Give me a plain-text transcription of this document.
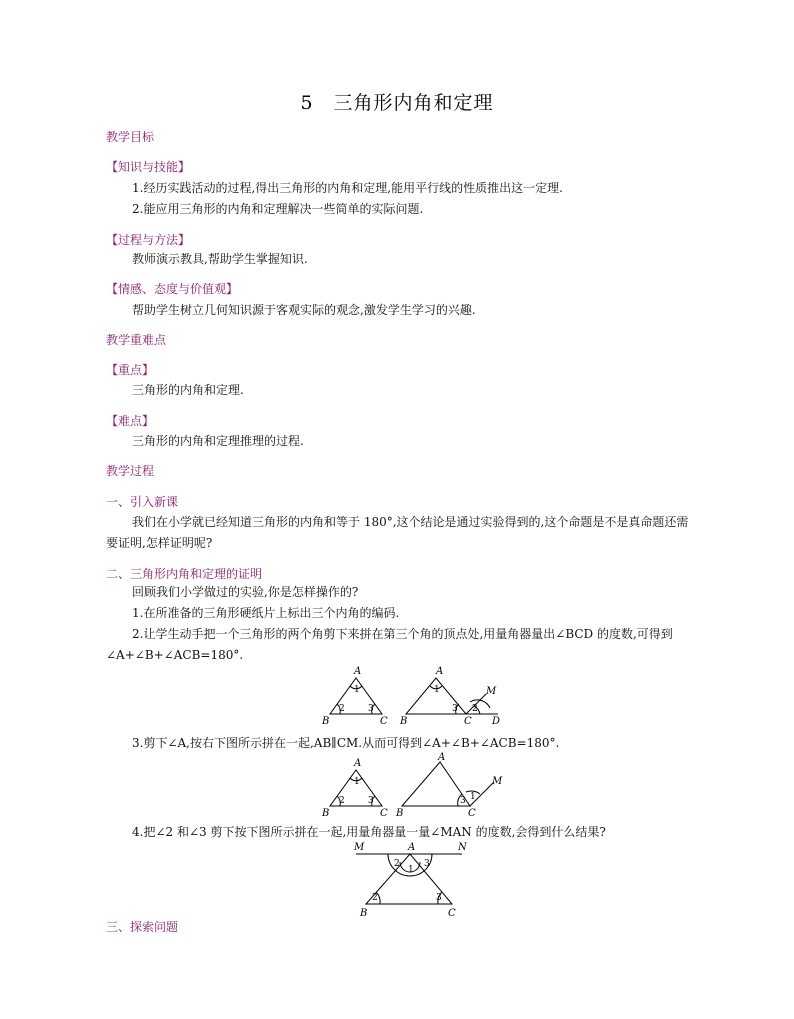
5　三角形内角和定理
教学目标
【知识与技能】
1.经历实践活动的过程,得出三角形的内角和定理,能用平行线的性质推出这一定理.
2.能应用三角形的内角和定理解决一些简单的实际问题.
【过程与方法】
教师演示教具,帮助学生掌握知识.
【情感、态度与价值观】
帮助学生树立几何知识源于客观实际的观念,激发学生学习的兴趣.
教学重难点
【重点】
三角形的内角和定理.
【难点】
三角形的内角和定理推理的过程.
教学过程
一、引入新课
我们在小学就已经知道三角形的内角和等于 180°,这个结论是通过实验得到的,这个命题是不是真命题还需要证明,怎样证明呢?
二、三角形内角和定理的证明
回顾我们小学做过的实验,你是怎样操作的?
1.在所准备的三角形硬纸片上标出三个内角的编码.
2.让学生动手把一个三角形的两个角剪下来拼在第三个角的顶点处,用量角器量出∠BCD 的度数,可得到∠A+∠B+∠ACB=180°.
A
B	C
1
2	3
A
B	C D
M
1
3 2
3.剪下∠A,按右下图所示拼在一起,AB∥CM.从而可得到∠A+∠B+∠ACB=180°.
A
B	C
1
2	3
A
B	C
M
3 1
4.把∠2 和∠3 剪下按下图所示拼在一起,用量角器量一量∠MAN 的度数,会得到什么结果?
M	A	N
B	C
2
1
3
2	3
三、探索问题
